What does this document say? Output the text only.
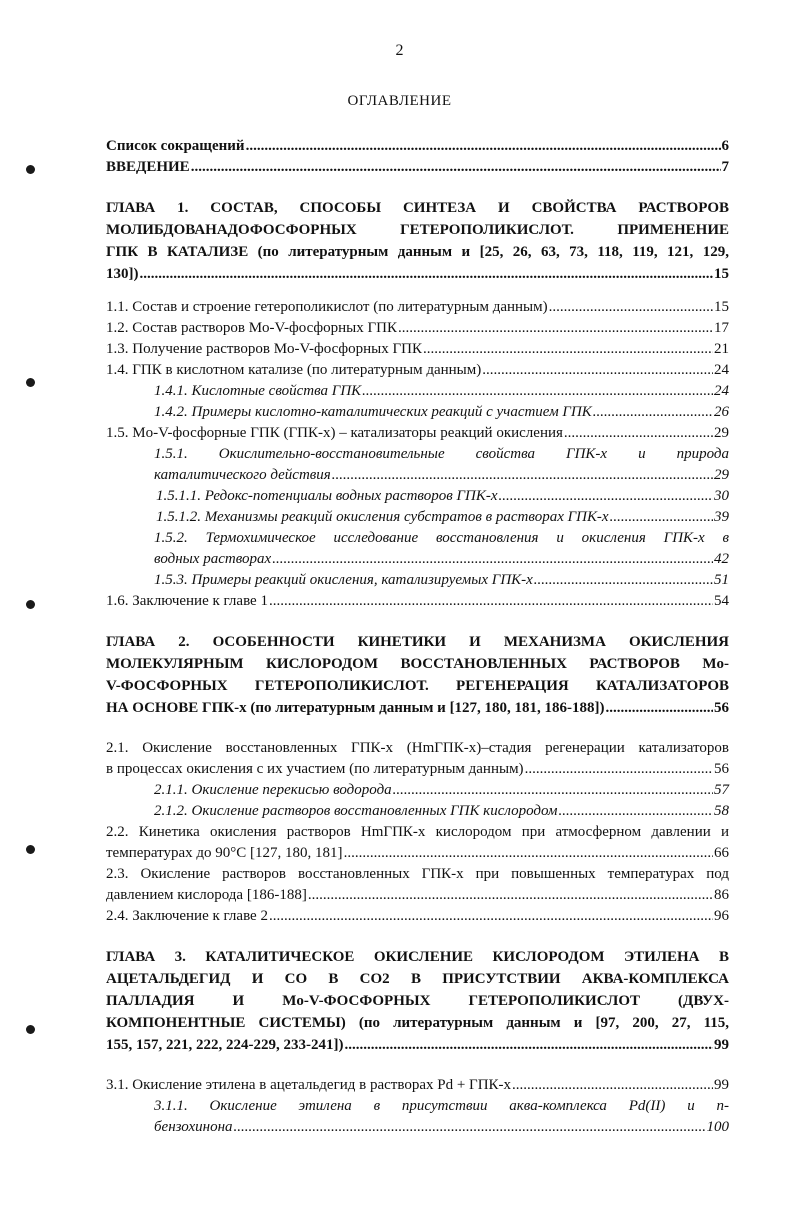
2
ОГЛАВЛЕНИЕ
Список сокращений .....	6
ВВЕДЕНИЕ .....	7
ГЛАВА 1. СОСТАВ, СПОСОБЫ СИНТЕЗА И СВОЙСТВА РАСТВОРОВ
МОЛИБДОВАНАДОФОСФОРНЫХ ГЕТЕРОПОЛИКИСЛОТ. ПРИМЕНЕНИЕ
ГПК В КАТАЛИЗЕ (по литературным данным и [25, 26, 63, 73, 118, 119, 121, 129,
130]) .....	15
1.1. Состав и строение гетерополикислот (по литературным данным) .....	15
1.2. Состав растворов Mo-V-фосфорных ГПК .....	17
1.3. Получение растворов Mo-V-фосфорных ГПК .....	21
1.4. ГПК в кислотном катализе (по литературным данным) .....	24
1.4.1. Кислотные свойства ГПК .....	24
1.4.2. Примеры кислотно-каталитических реакций с участием ГПК .....	26
1.5. Mo-V-фосфорные ГПК (ГПК-х) – катализаторы реакций окисления .....	29
1.5.1. Окислительно-восстановительные свойства ГПК-х и природа
каталитического действия .....	29
1.5.1.1. Редокс-потенциалы водных растворов ГПК-х .....	30
1.5.1.2. Механизмы реакций окисления субстратов в растворах ГПК-х .....	39
1.5.2. Термохимическое исследование восстановления и окисления ГПК-х в
водных растворах .....	42
1.5.3. Примеры реакций окисления, катализируемых ГПК-х .....	51
1.6. Заключение к главе 1 .....	54
ГЛАВА 2. ОСОБЕННОСТИ КИНЕТИКИ И МЕХАНИЗМА ОКИСЛЕНИЯ
МОЛЕКУЛЯРНЫМ КИСЛОРОДОМ ВОССТАНОВЛЕННЫХ РАСТВОРОВ Mo-
V-ФОСФОРНЫХ ГЕТЕРОПОЛИКИСЛОТ. РЕГЕНЕРАЦИЯ КАТАЛИЗАТОРОВ
НА ОСНОВЕ ГПК-х (по литературным данным и [127, 180, 181, 186-188]) .....	56
2.1. Окисление восстановленных ГПК-х (HmГПК-х)–стадия регенерации катализаторов
в процессах окисления с их участием (по литературным данным) .....	56
2.1.1. Окисление перекисью водорода .....	57
2.1.2. Окисление растворов восстановленных ГПК кислородом .....	58
2.2. Кинетика окисления растворов HmГПК-х кислородом при атмосферном давлении и
температурах до 90°С [127, 180, 181] .....	66
2.3. Окисление растворов восстановленных ГПК-х при повышенных температурах под
давлением кислорода [186-188] .....	86
2.4. Заключение к главе 2 .....	96
ГЛАВА 3. КАТАЛИТИЧЕСКОЕ ОКИСЛЕНИЕ КИСЛОРОДОМ ЭТИЛЕНА В
АЦЕТАЛЬДЕГИД И СО В СО2 В ПРИСУТСТВИИ АКВА-КОМПЛЕКСА
ПАЛЛАДИЯ И Mo-V-ФОСФОРНЫХ ГЕТЕРОПОЛИКИСЛОТ (ДВУХ-
КОМПОНЕНТНЫЕ СИСТЕМЫ) (по литературным данным и [97, 200, 27, 115,
155, 157, 221, 222, 224-229, 233-241]) .....	99
3.1. Окисление этилена в ацетальдегид в растворах Pd + ГПК-х .....	99
3.1.1. Окисление этилена в присутствии аква-комплекса Pd(II) и п-
бензохинона .....	100
